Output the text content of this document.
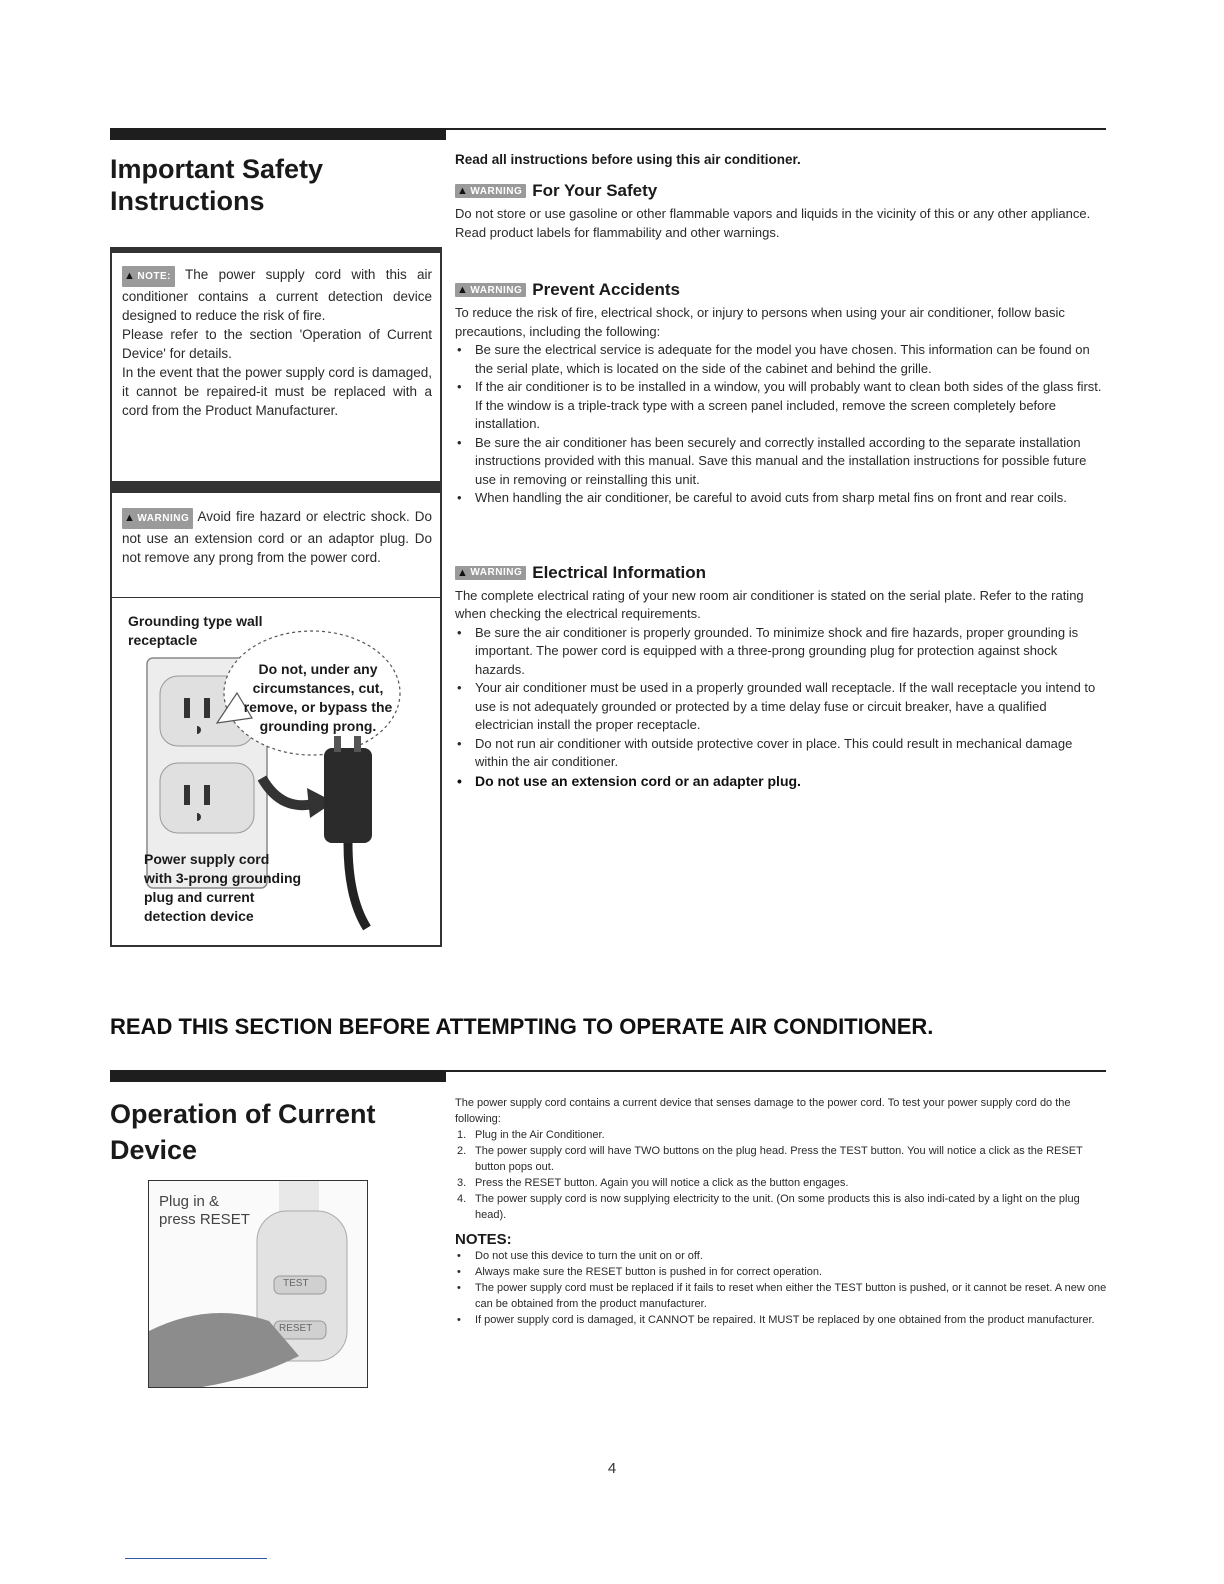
Important Safety
Instructions
▲ NOTE: The power supply cord with this air conditioner contains a current detection device designed to reduce the risk of fire.
Please refer to the section 'Operation of Current Device' for details.
In the event that the power supply cord is damaged, it cannot be repaired-it must be replaced with a cord from the Product Manufacturer.
▲ WARNING Avoid fire hazard or electric shock. Do not use an extension cord or an adaptor plug. Do not remove any prong from the power cord.
Grounding type wall
receptacle
Do not, under any
circumstances, cut,
remove, or bypass the
grounding prong.
Power supply cord
with 3-prong grounding
plug and current
detection device
Read all instructions before using this air conditioner.
▲ WARNING For Your Safety

Do not store or use gasoline or other flammable vapors and liquids in the vicinity of this or any other appliance. Read product labels for flammability and other warnings.

▲ WARNING Prevent Accidents

To reduce the risk of fire, electrical shock, or injury to persons when using your air conditioner, follow basic precautions, including the following:

• Be sure the electrical service is adequate for the model you have chosen. This information can be found on the serial plate, which is located on the side of the cabinet and behind the grille.
• If the air conditioner is to be installed in a window, you will probably want to clean both sides of the glass first. If the window is a triple-track type with a screen panel included, remove the screen completely before installation.
• Be sure the air conditioner has been securely and correctly installed according to the separate installation instructions provided with this manual. Save this manual and the installation instructions for possible future use in removing or reinstalling this unit.
• When handling the air conditioner, be careful to avoid cuts from sharp metal fins on front and rear coils.
▲ WARNING Electrical Information

The complete electrical rating of your new room air conditioner is stated on the serial plate. Refer to the rating when checking the electrical requirements.

• Be sure the air conditioner is properly grounded. To minimize shock and fire hazards, proper grounding is important. The power cord is equipped with a three-prong grounding plug for protection against shock hazards.
• Your air conditioner must be used in a properly grounded wall receptacle. If the wall receptacle you intend to use is not adequately grounded or protected by a time delay fuse or circuit breaker, have a qualified electrician install the proper receptacle.
• Do not run air conditioner with outside protective cover in place. This could result in mechanical damage within the air conditioner.
• Do not use an extension cord or an adapter plug.
READ THIS SECTION BEFORE ATTEMPTING TO OPERATE AIR CONDITIONER.
Operation of Current
Device
Plug in &
press RESET
TEST
RESET

The power supply cord contains a current device that senses damage to the power cord. To test your power supply cord do the following:

1. Plug in the Air Conditioner.
2. The power supply cord will have TWO buttons on the plug head. Press the TEST button. You will notice a click as the RESET button pops out.
3. Press the RESET button. Again you will notice a click as the button engages.
4. The power supply cord is now supplying electricity to the unit. (On some products this is also indi-cated by a light on the plug head).
NOTES:
• Do not use this device to turn the unit on or off.
• Always make sure the RESET button is pushed in for correct operation.
• The power supply cord must be replaced if it fails to reset when either the TEST button is pushed, or it cannot be reset. A new one can be obtained from the product manufacturer.
• If power supply cord is damaged, it CANNOT be repaired. It MUST be replaced by one obtained from the product manufacturer.
4
